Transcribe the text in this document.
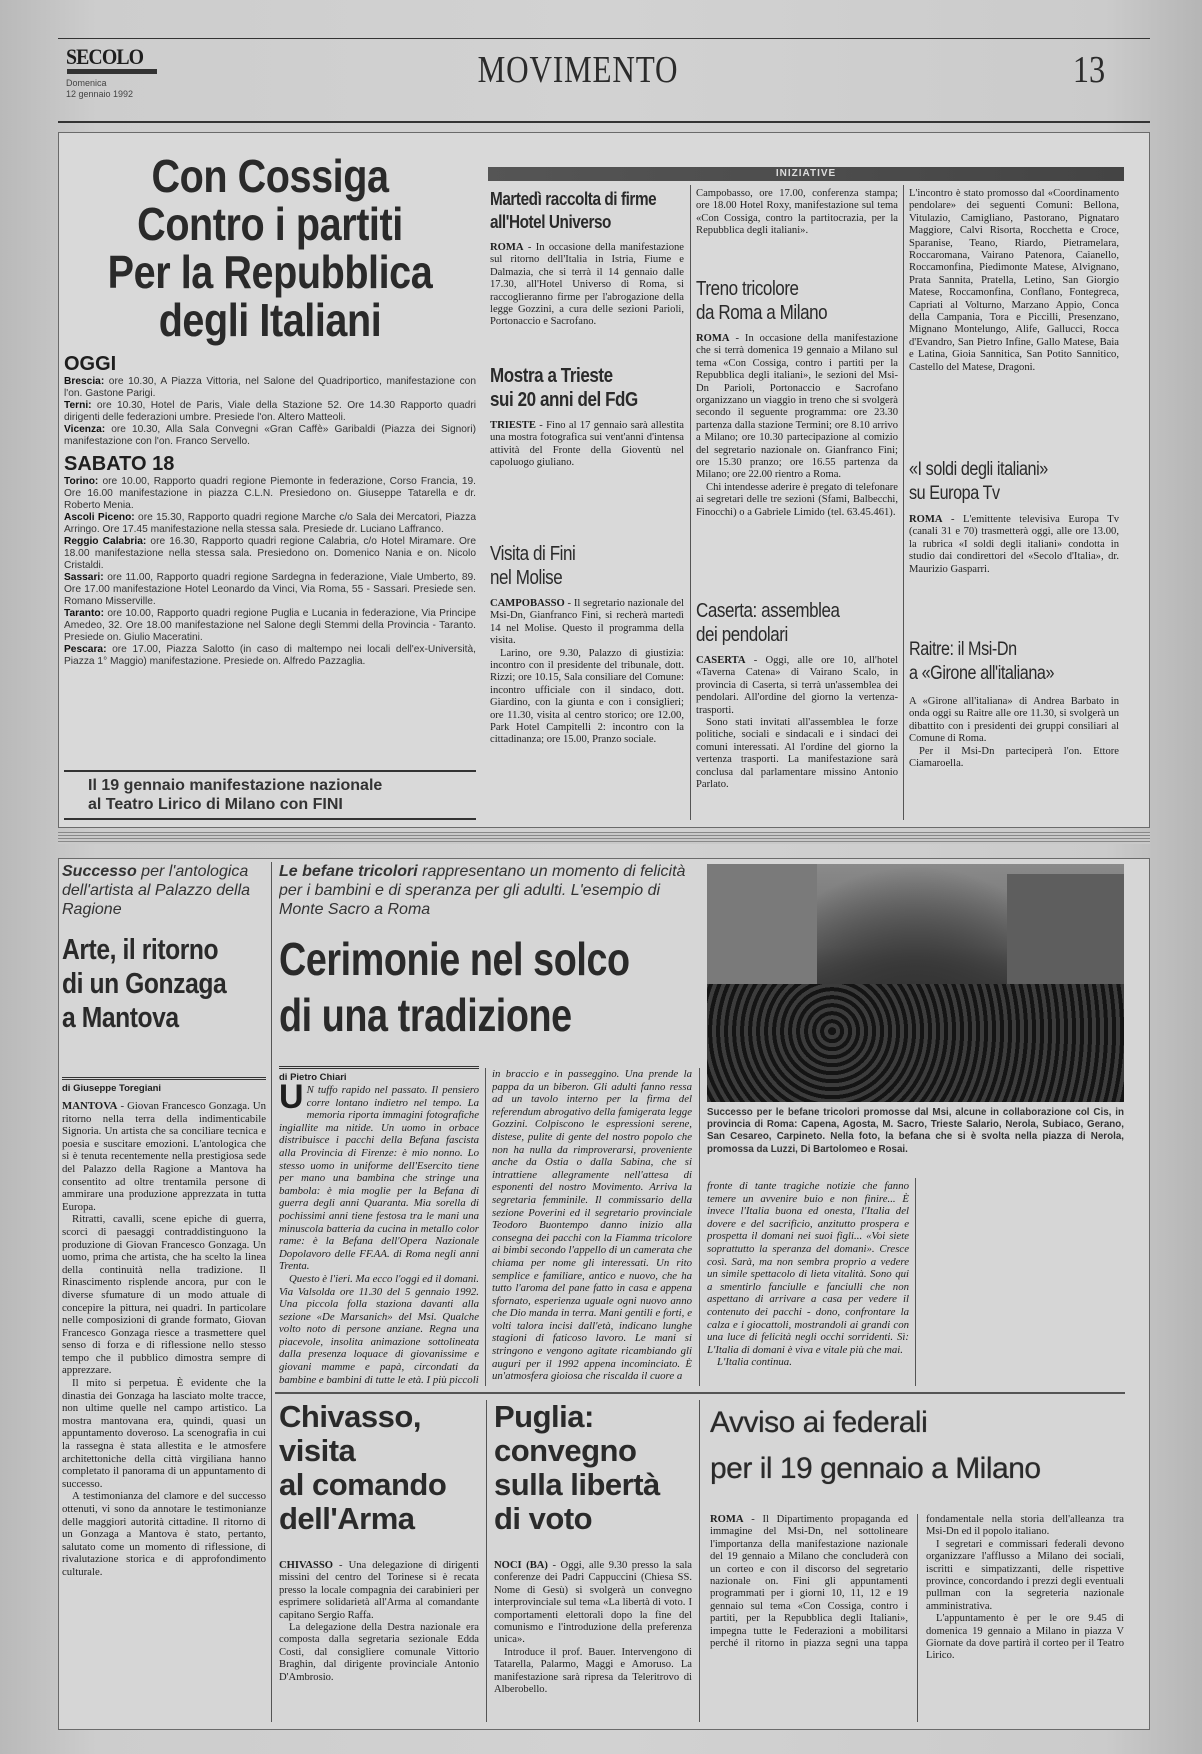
SECOLO
Domenica
12 gennaio 1992
MOVIMENTO	13
Con Cossiga
Contro i partiti
Per la Repubblica
degli Italiani
OGGI
Brescia: ore 10.30, A Piazza Vittoria, nel Salone del Quadriportico, manifestazione con l'on. Gastone Parigi.
Terni: ore 10.30, Hotel de Paris, Viale della Stazione 52. Ore 14.30 Rapporto quadri dirigenti delle federazioni umbre. Presiede l'on. Altero Matteoli.
Vicenza: ore 10.30, Alla Sala Convegni «Gran Caffè» Garibaldi (Piazza dei Signori) manifestazione con l'on. Franco Servello.
SABATO 18
Torino: ore 10.00, Rapporto quadri regione Piemonte in federazione, Corso Francia, 19. Ore 16.00 manifestazione in piazza C.L.N. Presiedono on. Giuseppe Tatarella e dr. Roberto Menia.
Ascoli Piceno: ore 15.30, Rapporto quadri regione Marche c/o Sala dei Mercatori, Piazza Arringo. Ore 17.45 manifestazione nella stessa sala. Presiede dr. Luciano Laffranco.
Reggio Calabria: ore 16.30, Rapporto quadri regione Calabria, c/o Hotel Miramare. Ore 18.00 manifestazione nella stessa sala. Presiedono on. Domenico Nania e on. Nicolo Cristaldi.
Sassari: ore 11.00, Rapporto quadri regione Sardegna in federazione, Viale Umberto, 89. Ore 17.00 manifestazione Hotel Leonardo da Vinci, Via Roma, 55 - Sassari. Presiede sen. Romano Misserville.
Taranto: ore 10.00, Rapporto quadri regione Puglia e Lucania in federazione, Via Principe Amedeo, 32. Ore 18.00 manifestazione nel Salone degli Stemmi della Provincia - Taranto. Presiede on. Giulio Maceratini.
Pescara: ore 17.00, Piazza Salotto (in caso di maltempo nei locali dell'ex-Università, Piazza 1° Maggio) manifestazione. Presiede on. Alfredo Pazzaglia.
Il 19 gennaio manifestazione nazionale
al Teatro Lirico di Milano con FINI
INIZIATIVE
Martedì raccolta di firme
all'Hotel Universo
ROMA - In occasione della manifestazione sul ritorno dell'Italia in Istria, Fiume e Dalmazia, che si terrà il 14 gennaio dalle 17.30, all'Hotel Universo di Roma, si raccoglieranno firme per l'abrogazione della legge Gozzini, a cura delle sezioni Parioli, Portonaccio e Sacrofano.
Mostra a Trieste
sui 20 anni del FdG
TRIESTE - Fino al 17 gennaio sarà allestita una mostra fotografica sui vent'anni d'intensa attività del Fronte della Gioventù nel capoluogo giuliano.
Visita di Fini
nel Molise

CAMPOBASSO - Il segretario nazionale del Msi-Dn, Gianfranco Fini, si recherà martedì 14 nel Molise. Questo il programma della visita.

Larino, ore 9.30, Palazzo di giustizia: incontro con il presidente del tribunale, dott. Rizzi; ore 10.15, Sala consiliare del Comune: incontro ufficiale con il sindaco, dott. Giardino, con la giunta e con i consiglieri; ore 11.30, visita al centro storico; ore 12.00, Park Hotel Campitelli 2: incontro con la cittadinanza; ore 15.00, Pranzo sociale.

Campobasso, ore 17.00, conferenza stampa; ore 18.00 Hotel Roxy, manifestazione sul tema «Con Cossiga, contro la partitocrazia, per la Repubblica degli italiani».
Treno tricolore
da Roma a Milano

ROMA - In occasione della manifestazione che si terrà domenica 19 gennaio a Milano sul tema «Con Cossiga, contro i partiti per la Repubblica degli italiani», le sezioni del Msi-Dn Parioli, Portonaccio e Sacrofano organizzano un viaggio in treno che si svolgerà secondo il seguente programma: ore 23.30 partenza dalla stazione Termini; ore 8.10 arrivo a Milano; ore 10.30 partecipazione al comizio del segretario nazionale on. Gianfranco Fini; ore 15.30 pranzo; ore 16.55 partenza da Milano; ore 22.00 rientro a Roma.

Chi intendesse aderire è pregato di telefonare ai segretari delle tre sezioni (Sfami, Balbecchi, Finocchi) o a Gabriele Limido (tel. 63.45.461).

Caserta: assemblea
dei pendolari

CASERTA - Oggi, alle ore 10, all'hotel «Taverna Catena» di Vairano Scalo, in provincia di Caserta, si terrà un'assemblea dei pendolari. All'ordine del giorno la vertenza-trasporti.

Sono stati invitati all'assemblea le forze politiche, sociali e sindacali e i sindaci dei comuni interessati. Al l'ordine del giorno la vertenza trasporti. La manifestazione sarà conclusa dal parlamentare missino Antonio Parlato.

L'incontro è stato promosso dal «Coordinamento pendolare» dei seguenti Comuni: Bellona, Vitulazio, Camigliano, Pastorano, Pignataro Maggiore, Calvi Risorta, Rocchetta e Croce, Sparanise, Teano, Riardo, Pietramelara, Roccaromana, Vairano Patenora, Caianello, Roccamonfina, Piedimonte Matese, Alvignano, Prata Sannita, Pratella, Letino, San Giorgio Matese, Roccamonfina, Conflano, Fontegreca, Capriati al Volturno, Marzano Appio, Conca della Campania, Tora e Piccilli, Presenzano, Mignano Montelungo, Alife, Gallucci, Rocca d'Evandro, San Pietro Infine, Gallo Matese, Baia e Latina, Gioia Sannitica, San Potito Sannitico, Castello del Matese, Dragoni.
«I soldi degli italiani»
su Europa Tv
ROMA - L'emittente televisiva Europa Tv (canali 31 e 70) trasmetterà oggi, alle ore 13.00, la rubrica «I soldi degli italiani» condotta in studio dai condirettori del «Secolo d'Italia», dr. Maurizio Gasparri.
Raitre: il Msi-Dn
a «Girone all'italiana»

A «Girone all'italiana» di Andrea Barbato in onda oggi su Raitre alle ore 11.30, si svolgerà un dibattito con i presidenti dei gruppi consiliari al Comune di Roma.

Per il Msi-Dn parteciperà l'on. Ettore Ciamaroella.

Successo per l'antologica dell'artista al Palazzo della Ragione
Arte, il ritorno
di un Gonzaga
a Mantova
di Giuseppe Toregiani

MANTOVA - Giovan Francesco Gonzaga. Un ritorno nella terra della indimenticabile Signoria. Un artista che sa conciliare tecnica e poesia e suscitare emozioni. L'antologica che si è tenuta recentemente nella prestigiosa sede del Palazzo della Ragione a Mantova ha consentito ad oltre trentamila persone di ammirare una produzione apprezzata in tutta Europa.

Ritratti, cavalli, scene epiche di guerra, scorci di paesaggi contraddistinguono la produzione di Giovan Francesco Gonzaga. Un uomo, prima che artista, che ha scelto la linea della continuità nella tradizione. Il Rinascimento risplende ancora, pur con le diverse sfumature di un modo attuale di concepire la pittura, nei quadri. In particolare nelle composizioni di grande formato, Giovan Francesco Gonzaga riesce a trasmettere quel senso di forza e di riflessione nello stesso tempo che il pubblico dimostra sempre di apprezzare.

Il mito si perpetua. È evidente che la dinastia dei Gonzaga ha lasciato molte tracce, non ultime quelle nel campo artistico. La mostra mantovana era, quindi, quasi un appuntamento doveroso. La scenografia in cui la rassegna è stata allestita e le atmosfere architettoniche della città virgiliana hanno completato il panorama di un appuntamento di successo.

A testimonianza del clamore e del successo ottenuti, vi sono da annotare le testimonianze delle maggiori autorità cittadine. Il ritorno di un Gonzaga a Mantova è stato, pertanto, salutato come un momento di riflessione, di rivalutazione storica e di approfondimento culturale.

Le befane tricolori rappresentano un momento di felicità per i bambini e di speranza per gli adulti. L'esempio di Monte Sacro a Roma
Cerimonie nel solco
di una tradizione
Successo per le befane tricolori promosse dal Msi, alcune in collaborazione col Cis, in provincia di Roma: Capena, Agosta, M. Sacro, Trieste Salario, Nerola, Subiaco, Gerano, San Cesareo, Carpineto. Nella foto, la befana che si è svolta nella piazza di Nerola, promossa da Luzzi, Di Bartolomeo e Rosai.
di Pietro Chiari

U N tuffo rapido nel passato. Il pensiero corre lontano indietro nel tempo. La memoria riporta immagini fotografiche ingiallite ma nitide. Un uomo in orbace distribuisce i pacchi della Befana fascista alla Provincia di Firenze: è mio nonno. Lo stesso uomo in uniforme dell'Esercito tiene per mano una bambina che stringe una bambola: è mia moglie per la Befana di guerra degli anni Quaranta. Mia sorella di pochissimi anni tiene festosa tra le mani una minuscola batteria da cucina in metallo color rame: è la Befana dell'Opera Nazionale Dopolavoro delle FF.AA. di Roma negli anni Trenta.

Questo è l'ieri. Ma ecco l'oggi ed il domani. Via Valsolda ore 11.30 del 5 gennaio 1992. Una piccola folla stazionа davanti alla sezione «De Marsanich» del Msi. Qualche volto noto di persone anziane. Regna una piacevole, insolita animazione sottolineata dalla presenza loquace di giovanissime e giovani mamme e papà, circondati da bambine e bambini di tutte le età. I più piccoli

in braccio e in passeggino. Una prende la pappa da un biberon. Gli adulti fanno ressa ad un tavolo interno per la firma del referendum abrogativo della famigerata legge Gozzini. Colpiscono le espressioni serene, distese, pulite di gente del nostro popolo che non ha nulla da rimproverarsi, proveniente anche da Ostia o dalla Sabina, che si intrattiene allegramente nell'attesa di esponenti del nostro Movimento. Arriva la segretaria femminile. Il commissario della sezione Poverini ed il segretario provinciale Teodoro Buontempo danno inizio alla consegna dei pacchi con la Fiamma tricolore ai bimbi secondo l'appello di un camerata che chiama per nome gli interessati. Un rito semplice e familiare, antico e nuovo, che ha tutto l'aroma del pane fatto in casa e appena sfornato, esperienza uguale ogni nuovo anno che Dio manda in terra. Mani gentili e forti, e volti talora incisi dall'età, indicano lunghe stagioni di faticoso lavoro. Le mani si stringono e vengono agitate ricambiando gli auguri per il 1992 appena incominciato. È un'atmosfera gioiosa che riscalda il cuore a

fronte di tante tragiche notizie che fanno temere un avvenire buio e non finire... È invece l'Italia buona ed onesta, l'Italia del dovere e del sacrificio, anzitutto prospera e prospetta il domani nei suoi figli... «Voi siete soprattutto la speranza del domani». Cresce così. Sarà, ma non sembra proprio a vedere un simile spettacolo di lieta vitalità. Sono qui a smentirlo fanciulle e fanciulli che non aspettano di arrivare a casa per vedere il contenuto dei pacchi - dono, confrontare la calza e i giocattoli, mostrandoli ai grandi con una luce di felicità negli occhi sorridenti. Sì: L'Italia di domani è viva e vitale più che mai.

L'Italia continua.

Chivasso,
visita
al comando
dell'Arma

CHIVASSO - Una delegazione di dirigenti missini del centro del Torinese si è recata presso la locale compagnia dei carabinieri per esprimere solidarietà all'Arma al comandante capitano Sergio Raffa.

La delegazione della Destra nazionale era composta dalla segretaria sezionale Edda Costi, dal consigliere comunale Vittorio Braghin, dal dirigente provinciale Antonio D'Ambrosio.

Puglia:
convegno
sulla libertà
di voto

NOCI (BA) - Oggi, alle 9.30 presso la sala conferenze dei Padri Cappuccini (Chiesa SS. Nome di Gesù) si svolgerà un convegno interprovinciale sul tema «La libertà di voto. I comportamenti elettorali dopo la fine del comunismo e l'introduzione della preferenza unica».

Introduce il prof. Bauer. Intervengono di Tatarella, Palarmo, Maggi e Amoruso. La manifestazione sarà ripresa da Teleritrovo di Alberobello.

Avviso ai federali
per il 19 gennaio a Milano

ROMA - Il Dipartimento propaganda ed immagine del Msi-Dn, nel sottolineare l'importanza della manifestazione nazionale del 19 gennaio a Milano che concluderà con un corteo e con il discorso del segretario nazionale on. Fini gli appuntamenti programmati per i giorni 10, 11, 12 e 19 gennaio sul tema «Con Cossiga, contro i partiti, per la Repubblica degli Italiani», impegna tutte le Federazioni a mobilitarsi perché il ritorno in piazza segni una tappa fondamentale nella storia dell'alleanza tra Msi-Dn ed il popolo italiano.

I segretari e commissari federali devono organizzare l'afflusso a Milano dei sociali, iscritti e simpatizzanti, delle rispettive province, concordando i prezzi degli eventuali pullman con la segreteria nazionale amministrativa.

L'appuntamento è per le ore 9.45 di domenica 19 gennaio a Milano in piazza V Giornate da dove partirà il corteo per il Teatro Lirico.
